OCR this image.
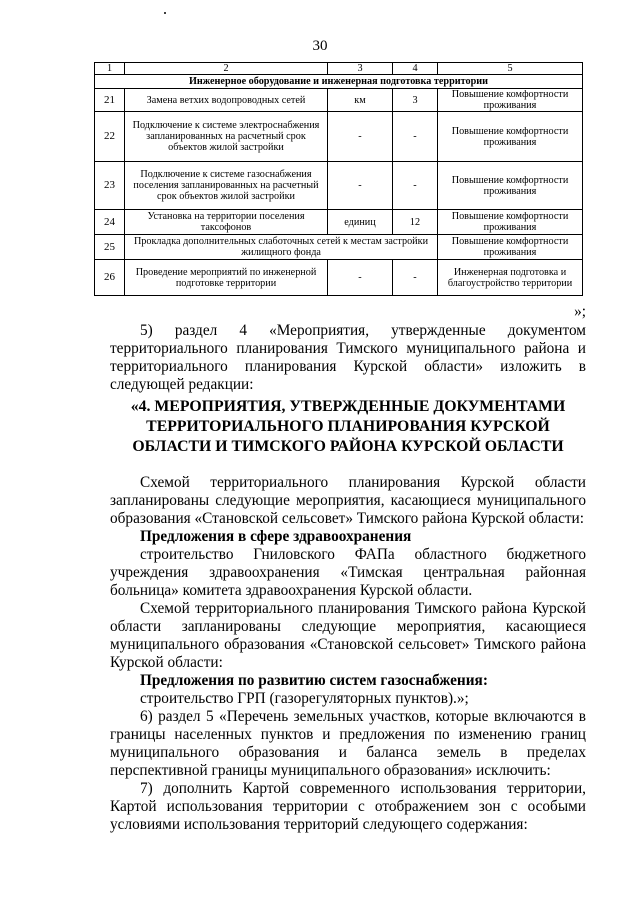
30
1	2	3	4	5
Инженерное оборудование и инженерная подготовка территории				
21	Замена ветхих водопроводных сетей	км	3	Повышение комфортности проживания
22	Подключение к системе электроснабжения запланированных на расчетный срок объектов жилой застройки	-	-	Повышение комфортности проживания
23	Подключение к системе газоснабжения поселения запланированных на расчетный срок объектов жилой застройки	-	-	Повышение комфортности проживания
24	Установка на территории поселения таксофонов	единиц	12	Повышение комфортности проживания
25	Прокладка дополнительных слаботочных сетей к местам застройки жилищного фонда			Повышение комфортности проживания
26	Проведение мероприятий по инженерной подготовке территории	-	-	Инженерная подготовка и благоустройство территории
»;

5) раздел 4 «Мероприятия, утвержденные документом

территориального планирования Тимского муниципального района и территориального планирования Курской области» изложить в следующей редакции:

«4. МЕРОПРИЯТИЯ, УТВЕРЖДЕННЫЕ ДОКУМЕНТАМИ ТЕРРИТОРИАЛЬНОГО ПЛАНИРОВАНИЯ КУРСКОЙ ОБЛАСТИ И ТИМСКОГО РАЙОНА КУРСКОЙ ОБЛАСТИ

Схемой территориального планирования Курской области запланированы следующие мероприятия, касающиеся муниципального образования «Становской сельсовет» Тимского района Курской области:

Предложения в сфере здравоохранения

строительство Гниловского ФАПа областного бюджетного учреждения здравоохранения «Тимская центральная районная больница» комитета здравоохранения Курской области.

Схемой территориального планирования Тимского района Курской области запланированы следующие мероприятия, касающиеся муниципального образования «Становской сельсовет» Тимского района Курской области:

Предложения по развитию систем газоснабжения:

строительство ГРП (газорегуляторных пунктов).»;

6) раздел 5 «Перечень земельных участков, которые включаются в границы населенных пунктов и предложения по изменению границ муниципального образования и баланса земель в пределах перспективной границы муниципального образования» исключить:

7) дополнить Картой современного использования территории, Картой использования территории с отображением зон с особыми условиями использования территорий следующего содержания:
